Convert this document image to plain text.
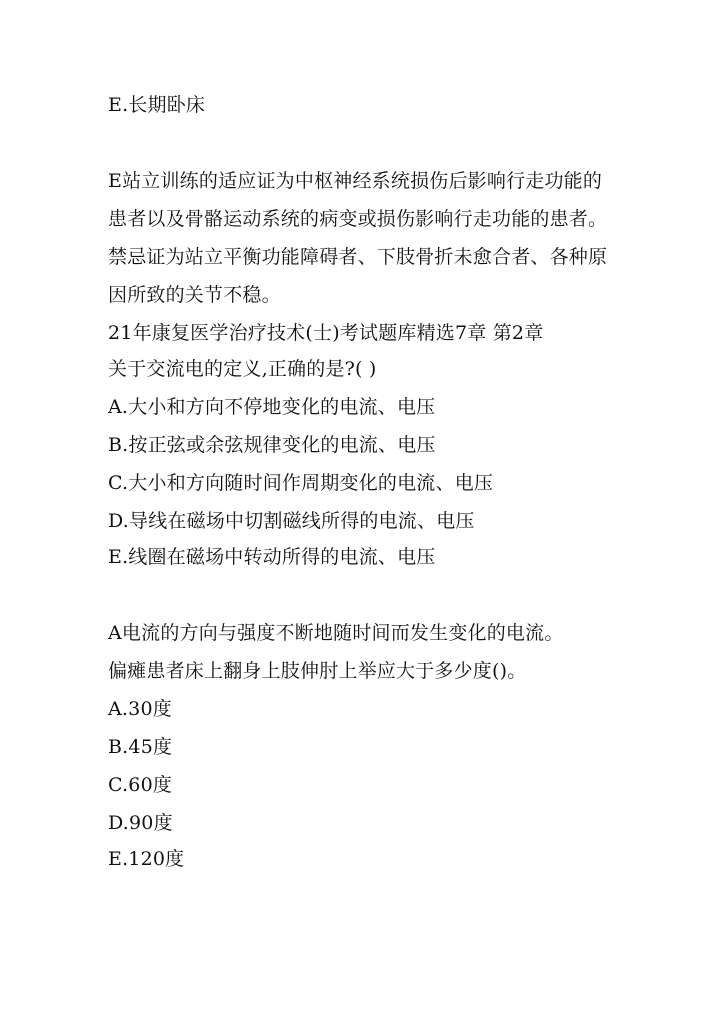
E.长期卧床
E站立训练的适应证为中枢神经系统损伤后影响行走功能的
患者以及骨骼运动系统的病变或损伤影响行走功能的患者。
禁忌证为站立平衡功能障碍者、下肢骨折未愈合者、各种原
因所致的关节不稳。
21年康复医学治疗技术(士)考试题库精选7章 第2章
关于交流电的定义,正确的是?( )
A.大小和方向不停地变化的电流、电压
B.按正弦或余弦规律变化的电流、电压
C.大小和方向随时间作周期变化的电流、电压
D.导线在磁场中切割磁线所得的电流、电压
E.线圈在磁场中转动所得的电流、电压
A电流的方向与强度不断地随时间而发生变化的电流。
偏瘫患者床上翻身上肢伸肘上举应大于多少度()。
A.30度
B.45度
C.60度
D.90度
E.120度
